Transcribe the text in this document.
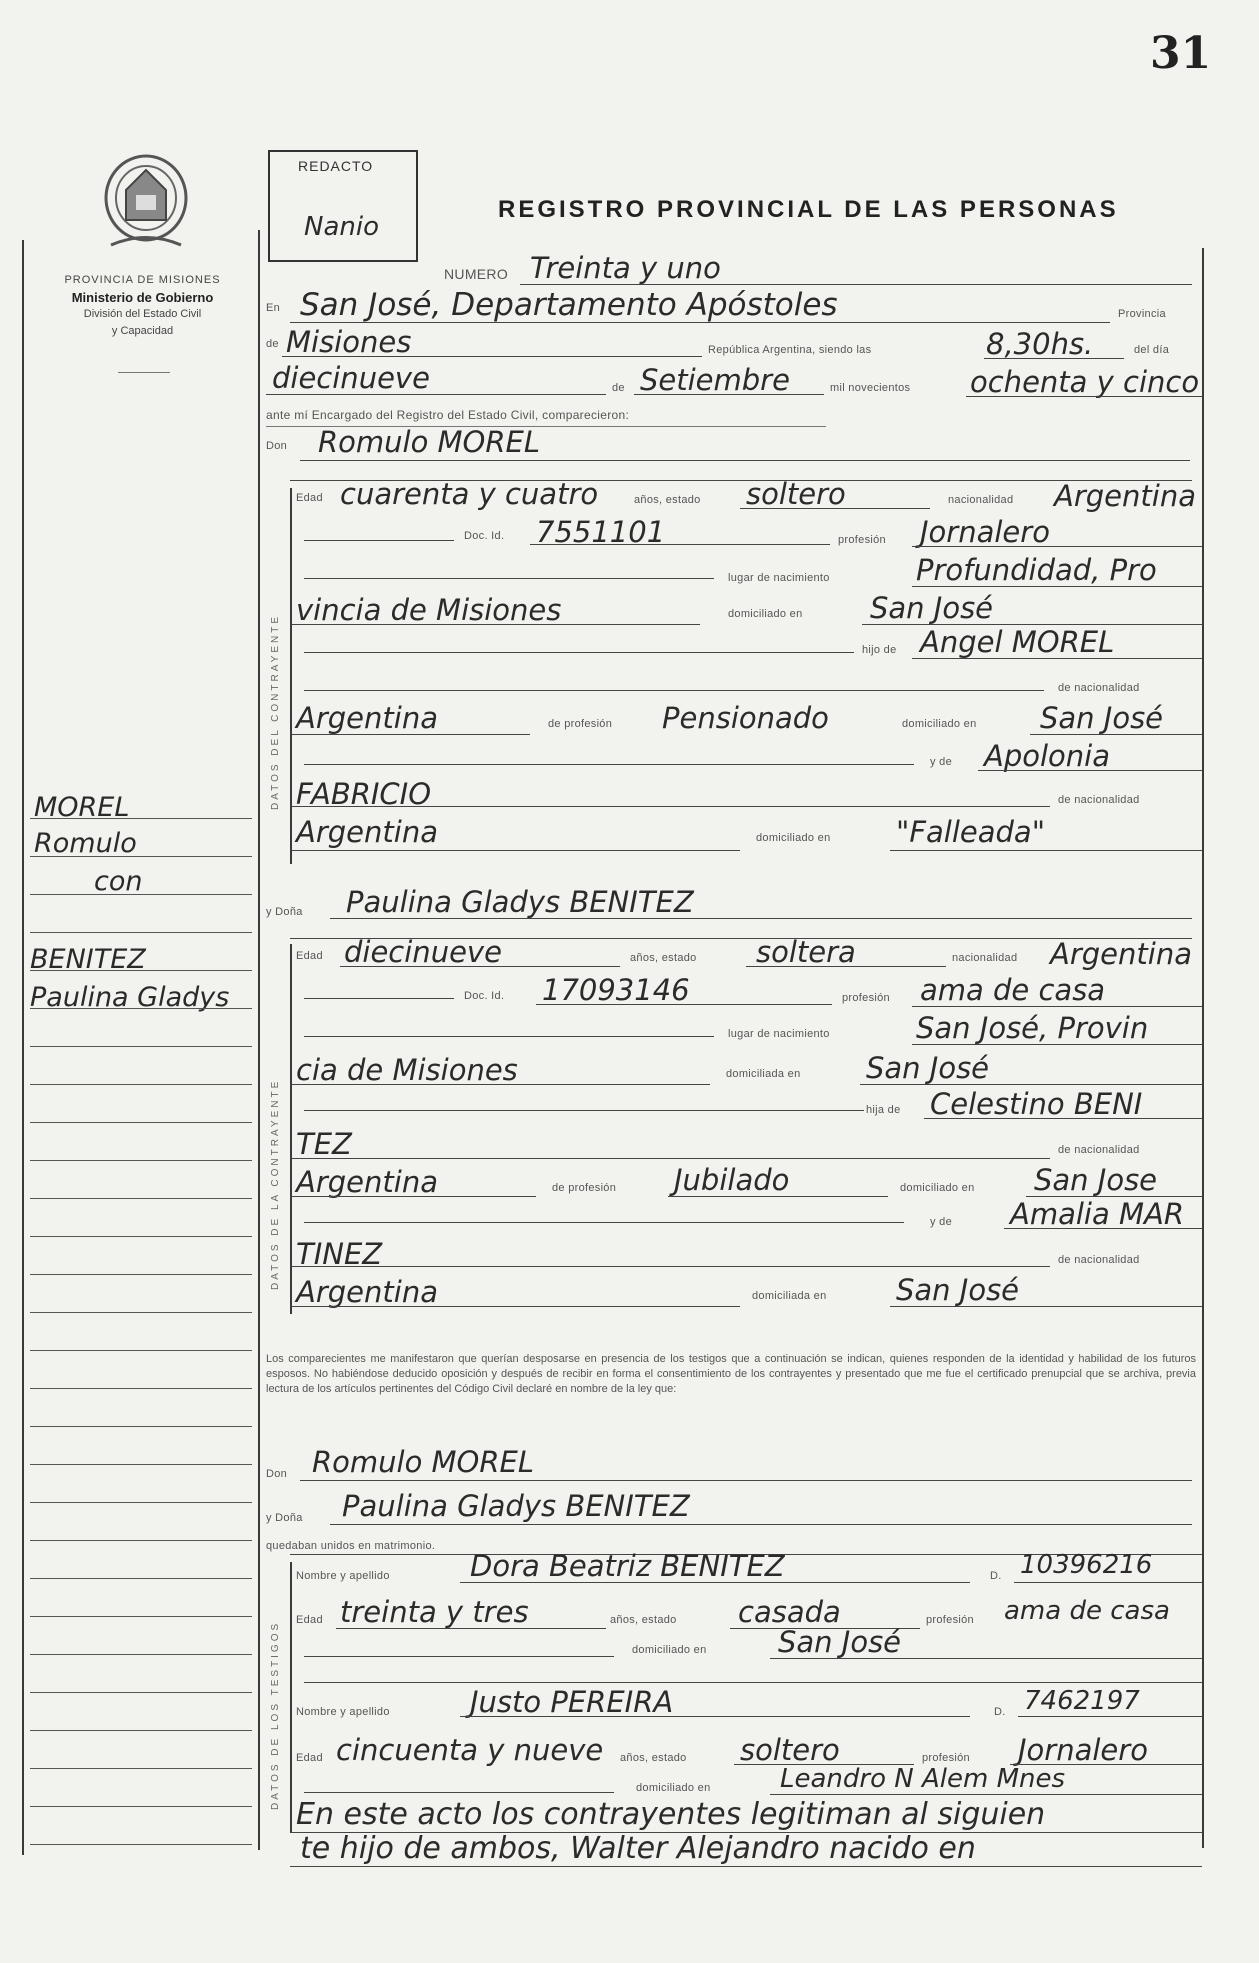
31
PROVINCIA DE MISIONES
Ministerio de Gobierno
División del Estado Civil
y Capacidad
REDACTO
Nanio
REGISTRO PROVINCIAL DE LAS PERSONAS
DATOS DEL CONTRAYENTE
DATOS DE LA CONTRAYENTE
DATOS DE LOS TESTIGOS
MOREL
Romulo
con
BENITEZ
Paulina Gladys
NUMERO Treinta y uno
En San José, Departamento Apóstoles	Provincia
de Misiones	República Argentina, siendo las	8,30hs.	del día
diecinueve	de Setiembre	mil novecientos ochenta y cinco
ante mí Encargado del Registro del Estado Civil, comparecieron:
Don Romulo MOREL
Edad cuarenta y cuatro	años, estado soltero	nacionalidad Argentina
Doc. Id. 7551101	profesión Jornalero
lugar de nacimiento	Profundidad, Pro
vincia de Misiones	domiciliado en San José
hijo de Angel MOREL
de nacionalidad
Argentina	de profesión Pensionado	domiciliado en San José
y de Apolonia
FABRICIO	de nacionalidad
Argentina	domiciliado en "Falleada"
y Doña Paulina Gladys BENITEZ
Edad diecinueve	años, estado soltera	nacionalidad Argentina
Doc. Id. 17093146	profesión ama de casa
lugar de nacimiento	San José, Provin
cia de Misiones	domiciliada en San José
hija de Celestino BENI
TEZ	de nacionalidad
Argentina	de profesión Jubilado	domiciliado en San Jose
y de Amalia MAR
TINEZ	de nacionalidad
Argentina	domiciliada en San José
Los comparecientes me manifestaron que querían desposarse en presencia de los testigos que a continuación se indican, quienes responden de la identidad y habilidad de los futuros esposos. No habiéndose deducido oposición y después de recibir en forma el consentimiento de los contrayentes y presentado que me fue el certificado prenupcial que se archiva, previa lectura de los artículos pertinentes del Código Civil declaré en nombre de la ley que:
Don Romulo MOREL
y Doña Paulina Gladys BENITEZ
quedaban unidos en matrimonio.
Nombre y apellido	Dora Beatriz BENITEZ	D. 10396216
Edad treinta y tres	años, estado casada	profesión ama de casa
domiciliado en San José
Nombre y apellido	Justo PEREIRA	D. 7462197
Edad cincuenta y nueve años, estado soltero	profesión Jornalero
domiciliado en	Leandro N Alem Mnes
En este acto los contrayentes legitiman al siguien
te hijo de ambos, Walter Alejandro nacido en
